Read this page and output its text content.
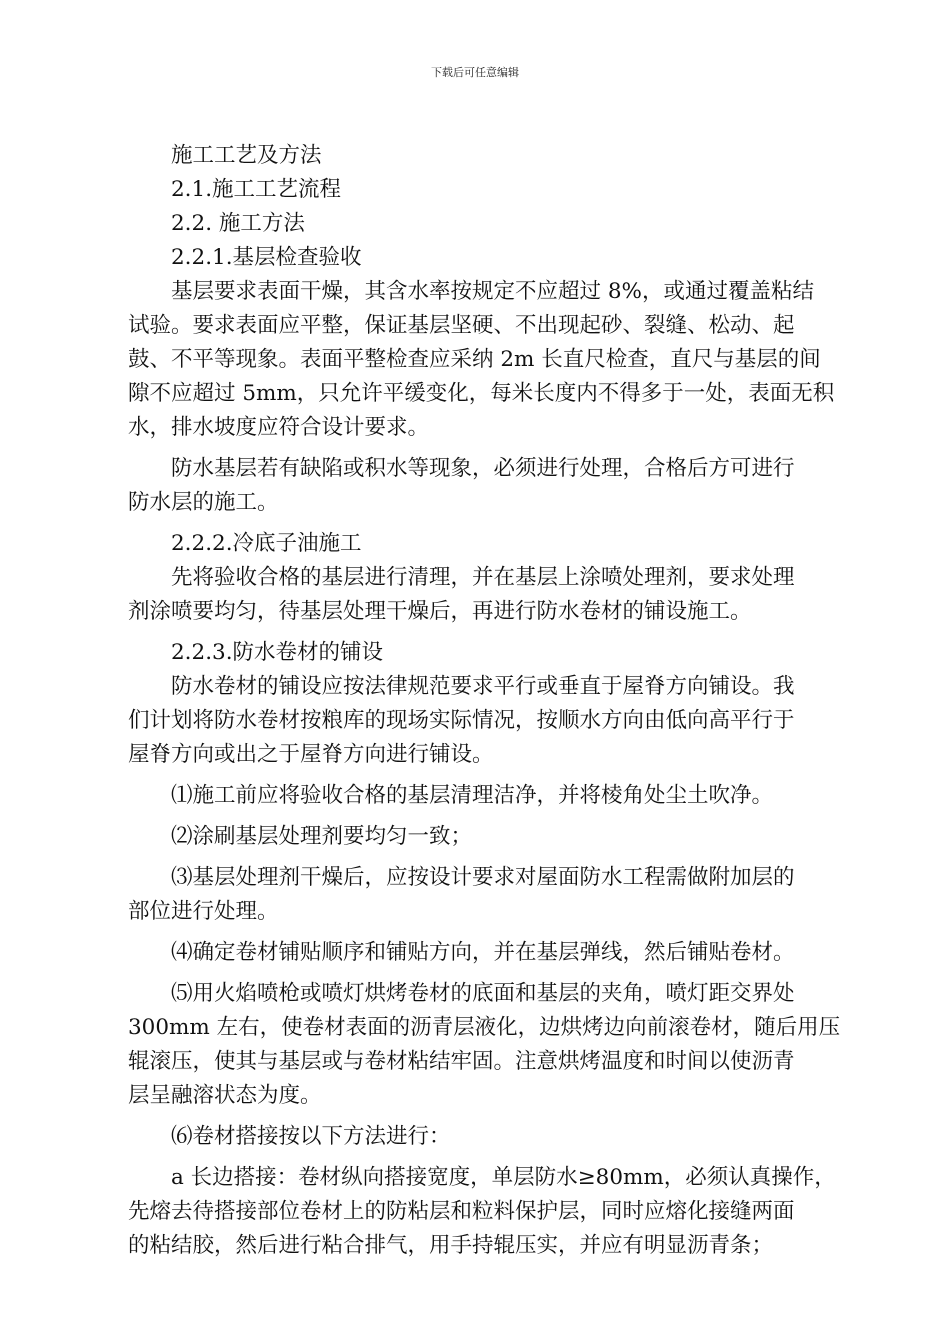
下载后可任意编辑
施工工艺及方法
2.1.施工工艺流程
2.2. 施工方法
2.2.1.基层检查验收
基层要求表面干燥，其含水率按规定不应超过 8%，或通过覆盖粘结
试验。要求表面应平整，保证基层坚硬、不出现起砂、裂缝、松动、起
鼓、不平等现象。表面平整检查应采纳 2m 长直尺检查，直尺与基层的间
隙不应超过 5mm，只允许平缓变化，每米长度内不得多于一处，表面无积
水，排水坡度应符合设计要求。
防水基层若有缺陷或积水等现象，必须进行处理，合格后方可进行
防水层的施工。
2.2.2.冷底子油施工
先将验收合格的基层进行清理，并在基层上涂喷处理剂，要求处理
剂涂喷要均匀，待基层处理干燥后，再进行防水卷材的铺设施工。
2.2.3.防水卷材的铺设
防水卷材的铺设应按法律规范要求平行或垂直于屋脊方向铺设。我
们计划将防水卷材按粮库的现场实际情况，按顺水方向由低向高平行于
屋脊方向或出之于屋脊方向进行铺设。
⑴施工前应将验收合格的基层清理洁净，并将棱角处尘土吹净。
⑵涂刷基层处理剂要均匀一致；
⑶基层处理剂干燥后，应按设计要求对屋面防水工程需做附加层的
部位进行处理。
⑷确定卷材铺贴顺序和铺贴方向，并在基层弹线，然后铺贴卷材。
⑸用火焰喷枪或喷灯烘烤卷材的底面和基层的夹角，喷灯距交界处
300mm 左右，使卷材表面的沥青层液化，边烘烤边向前滚卷材，随后用压
辊滚压，使其与基层或与卷材粘结牢固。注意烘烤温度和时间以使沥青
层呈融溶状态为度。
⑹卷材搭接按以下方法进行：
a 长边搭接：卷材纵向搭接宽度，单层防水≥80mm，必须认真操作，
先熔去待搭接部位卷材上的防粘层和粒料保护层，同时应熔化接缝两面
的粘结胶，然后进行粘合排气，用手持辊压实，并应有明显沥青条；
